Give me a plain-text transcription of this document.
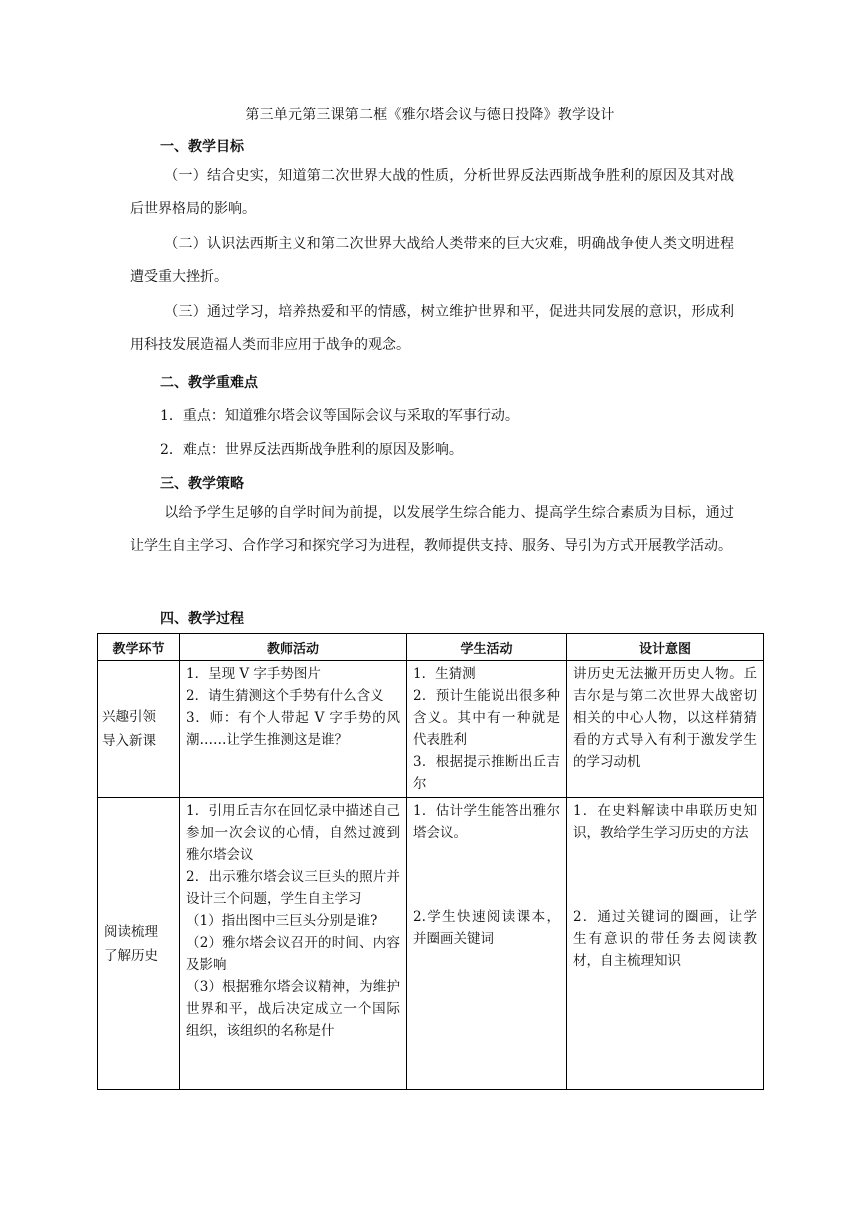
第三单元第三课第二框《雅尔塔会议与德日投降》教学设计
一、教学目标
（一）结合史实，知道第二次世界大战的性质，分析世界反法西斯战争胜利的原因及其对战后世界格局的影响。
（二）认识法西斯主义和第二次世界大战给人类带来的巨大灾难，明确战争使人类文明进程遭受重大挫折。
（三）通过学习，培养热爱和平的情感，树立维护世界和平，促进共同发展的意识，形成利用科技发展造福人类而非应用于战争的观念。
二、教学重难点
1．重点：知道雅尔塔会议等国际会议与采取的军事行动。
2．难点：世界反法西斯战争胜利的原因及影响。
三、教学策略
以给予学生足够的自学时间为前提，以发展学生综合能力、提高学生综合素质为目标，通过让学生自主学习、合作学习和探究学习为进程，教师提供支持、服务、导引为方式开展教学活动。
四、教学过程
教学环节	教师活动	学生活动	设计意图

兴趣引领
导入新课	1．呈现 V 字手势图片
2．请生猜测这个手势有什么含义
3．师：有个人带起 V 字手势的风潮……让学生推测这是谁？	1．生猜测
2．预计生能说出很多种含义。其中有一种就是代表胜利
3．根据提示推断出丘吉尔	讲历史无法撇开历史人物。丘吉尔是与第二次世界大战密切相关的中心人物，以这样猜猜看的方式导入有利于激发学生的学习动机

阅读梳理
了解历史	1．引用丘吉尔在回忆录中描述自己参加一次会议的心情，自然过渡到雅尔塔会议
2．出示雅尔塔会议三巨头的照片并设计三个问题，学生自主学习
（1）指出图中三巨头分别是谁?
（2）雅尔塔会议召开的时间、内容及影响
（3）根据雅尔塔会议精神，为维护世界和平，战后决定成立一个国际组织，该组织的名称是什	1．估计学生能答出雅尔塔会议。
2.学生快速阅读课本，并圈画关键词	1．在史料解读中串联历史知识，教给学生学习历史的方法
2．通过关键词的圈画，让学生有意识的带任务去阅读教材，自主梳理知识
